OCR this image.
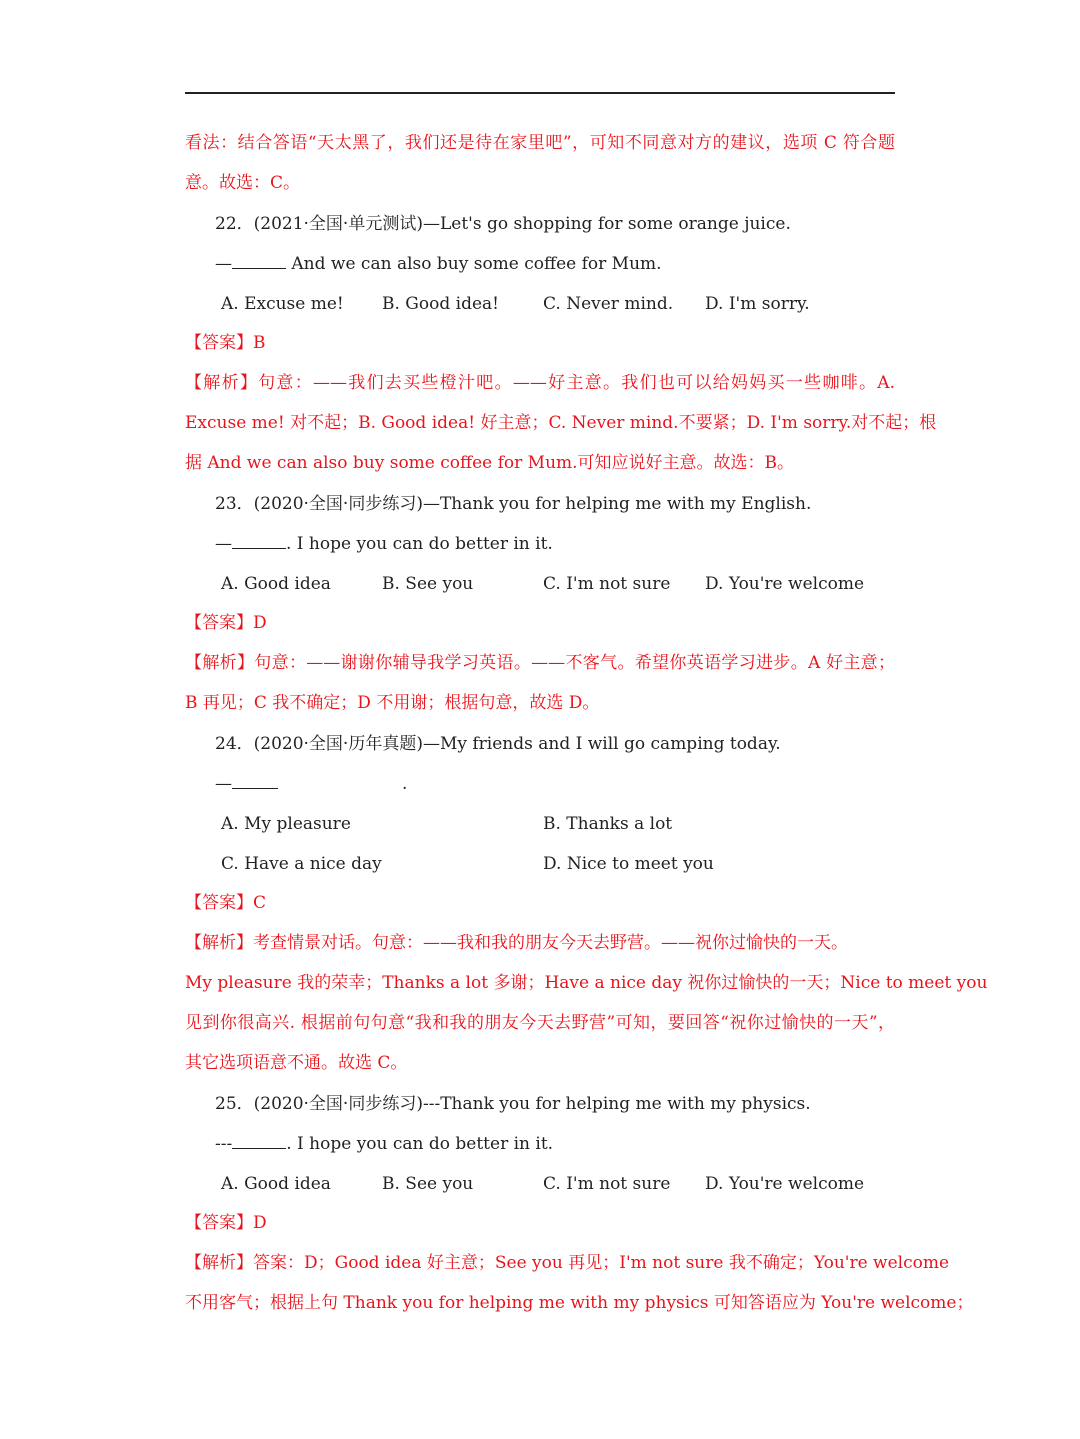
看法：结合答语“天太黑了，我们还是待在家里吧”，可知不同意对方的建议，选项 C 符合题
意。故选：C。
22．(2021·全国·单元测试)—Let's go shopping for some orange juice.
—	And we can also buy some coffee for Mum.
A. Excuse me! B. Good idea!	C. Never mind. D. I'm sorry.
【答案】B
【解析】句意：——我们去买些橙汁吧。——好主意。我们也可以给妈妈买一些咖啡。A.
Excuse me! 对不起；B. Good idea! 好主意；C. Never mind.不要紧；D. I'm sorry.对不起；根
据 And we can also buy some coffee for Mum.可知应说好主意。故选：B。
23．(2020·全国·同步练习)—Thank you for helping me with my English.
—	. I hope you can do better in it.
A. Good idea	B. See you	C. I'm not sure D. You're welcome
【答案】D
【解析】句意：——谢谢你辅导我学习英语。——不客气。希望你英语学习进步。A 好主意；
B 再见；C 我不确定；D 不用谢；根据句意，故选 D。
24．(2020·全国·历年真题)—My friends and I will go camping today.
—	.
A. My pleasure	B. Thanks a lot
C. Have a nice day	D. Nice to meet you
【答案】C
【解析】考查情景对话。句意：——我和我的朋友今天去野营。——祝你过愉快的一天。
My pleasure 我的荣幸；Thanks a lot 多谢；Have a nice day 祝你过愉快的一天；Nice to meet you
见到你很高兴. 根据前句句意“我和我的朋友今天去野营”可知，要回答“祝你过愉快的一天”，
其它选项语意不通。故选 C。
25．(2020·全国·同步练习)---Thank you for helping me with my physics.
---	. I hope you can do better in it.
A. Good idea	B. See you	C. I'm not sure D. You're welcome
【答案】D
【解析】答案：D；Good idea 好主意；See you 再见；I'm not sure 我不确定；You're welcome
不用客气；根据上句 Thank you for helping me with my physics 可知答语应为 You're welcome；
